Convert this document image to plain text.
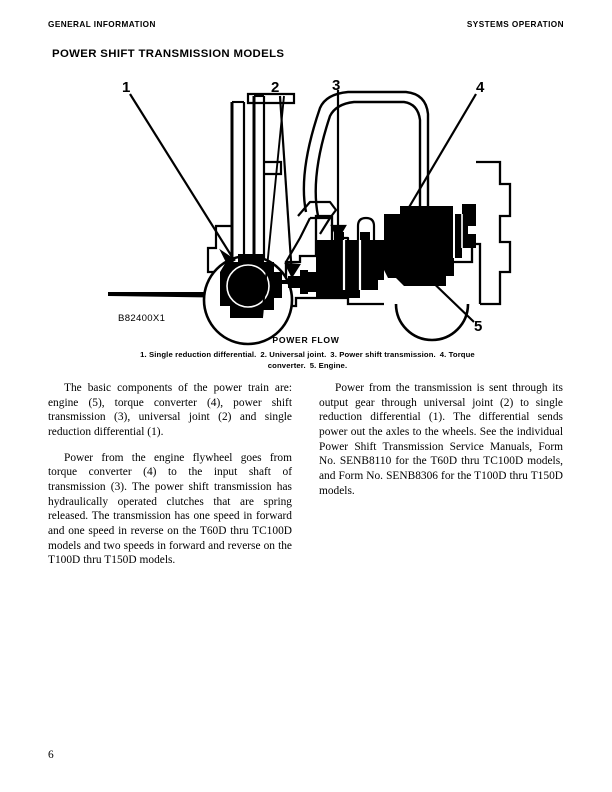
GENERAL INFORMATION	SYSTEMS OPERATION
POWER SHIFT TRANSMISSION MODELS
1	2	3	4
5
B82400X1
POWER FLOW
1. Single reduction differential. 2. Universal joint. 3. Power shift transmission. 4. Torque converter. 5. Engine.

The basic components of the power train are: engine (5), torque converter (4), power shift transmission (3), universal joint (2) and single reduction differential (1).

Power from the engine flywheel goes from torque converter (4) to the input shaft of transmission (3). The power shift transmission has hydraulically operated clutches that are spring released. The transmission has one speed in forward and one speed in reverse on the T60D thru TC100D models and two speeds in forward and reverse on the T100D thru T150D models.

Power from the transmission is sent through its output gear through universal joint (2) to single reduction differential (1). The differential sends power out the axles to the wheels. See the individual Power Shift Transmission Service Manuals, Form No. SENB8110 for the T60D thru TC100D models, and Form No. SENB8306 for the T100D thru T150D models.

6
